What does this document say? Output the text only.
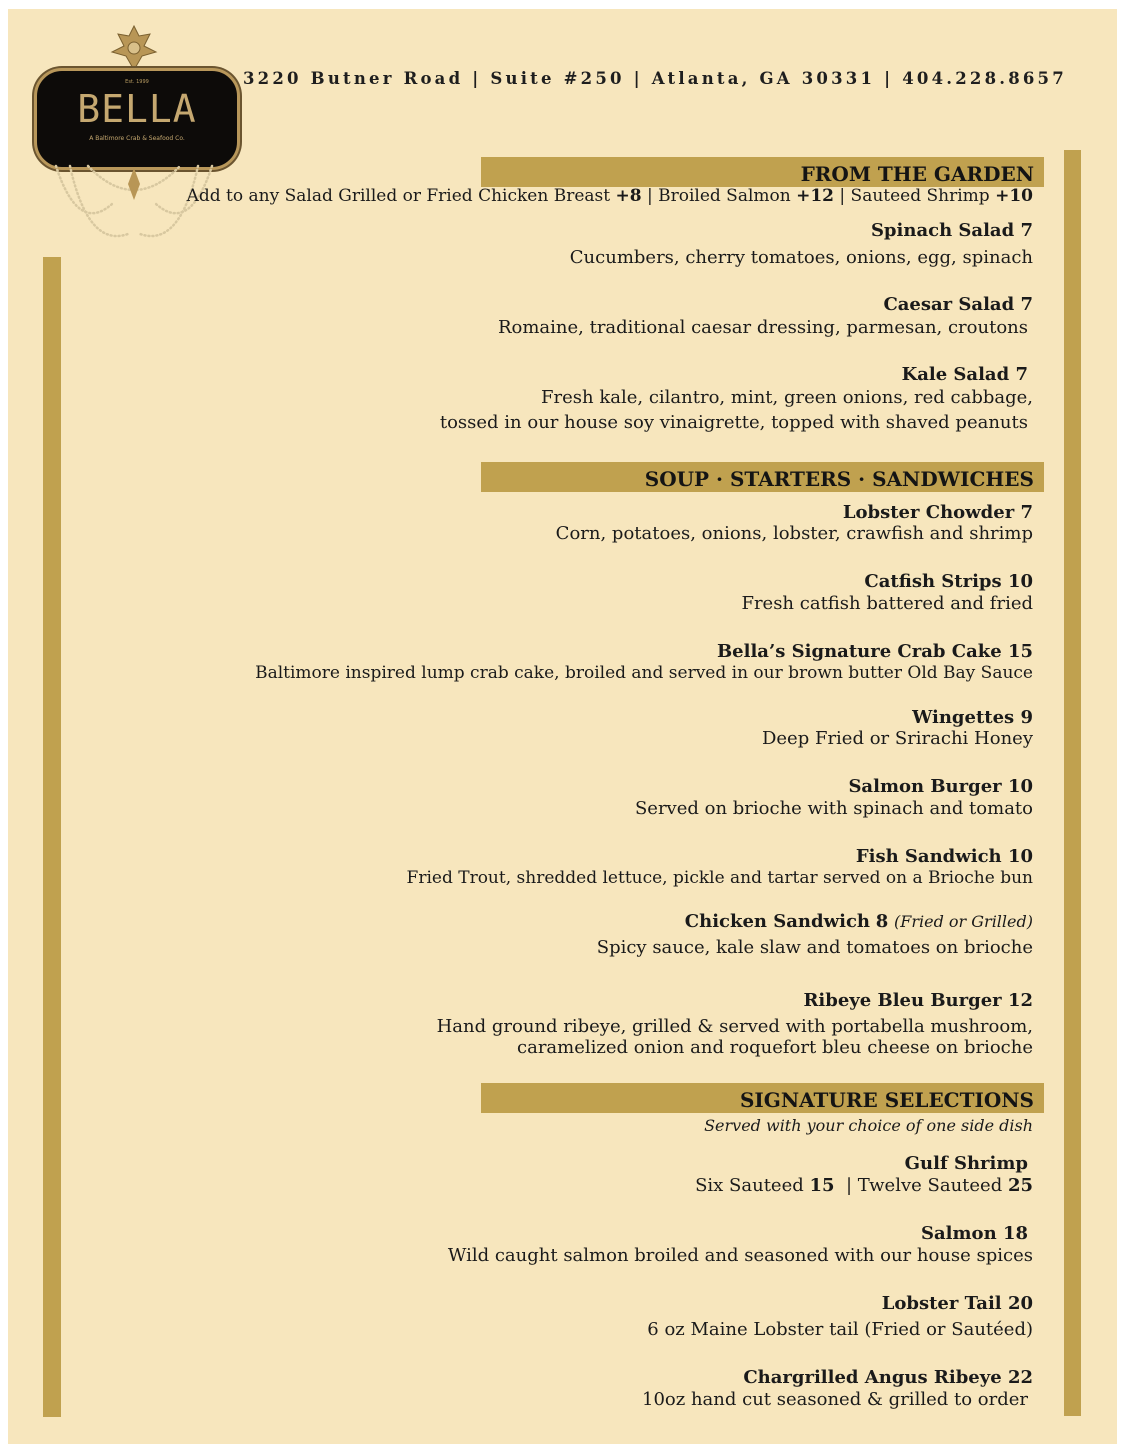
Est. 1999
BELLA
A Baltimore Crab & Seafood Co.
3220 Butner Road | Suite #250 | Atlanta, GA 30331 | 404.228.8657
FROM THE GARDEN
Add to any Salad Grilled or Fried Chicken Breast +8 | Broiled Salmon +12 | Sauteed Shrimp +10
Spinach Salad 7
Cucumbers, cherry tomatoes, onions, egg, spinach
Caesar Salad 7
Romaine, traditional caesar dressing, parmesan, croutons
Kale Salad 7
Fresh kale, cilantro, mint, green onions, red cabbage,
tossed in our house soy vinaigrette, topped with shaved peanuts
SOUP · STARTERS · SANDWICHES
Lobster Chowder 7
Corn, potatoes, onions, lobster, crawfish and shrimp
Catfish Strips 10
Fresh catfish battered and fried
Bella’s Signature Crab Cake 15
Baltimore inspired lump crab cake, broiled and served in our brown butter Old Bay Sauce
Wingettes 9
Deep Fried or Srirachi Honey
Salmon Burger 10
Served on brioche with spinach and tomato
Fish Sandwich 10
Fried Trout, shredded lettuce, pickle and tartar served on a Brioche bun
Chicken Sandwich 8 (Fried or Grilled)
Spicy sauce, kale slaw and tomatoes on brioche
Ribeye Bleu Burger 12
Hand ground ribeye, grilled & served with portabella mushroom,
caramelized onion and roquefort bleu cheese on brioche
SIGNATURE SELECTIONS
Served with your choice of one side dish
Gulf Shrimp
Six Sauteed 15  | Twelve Sauteed 25
Salmon 18
Wild caught salmon broiled and seasoned with our house spices
Lobster Tail 20
6 oz Maine Lobster tail (Fried or Sautéed)
Chargrilled Angus Ribeye 22
10oz hand cut seasoned & grilled to order
